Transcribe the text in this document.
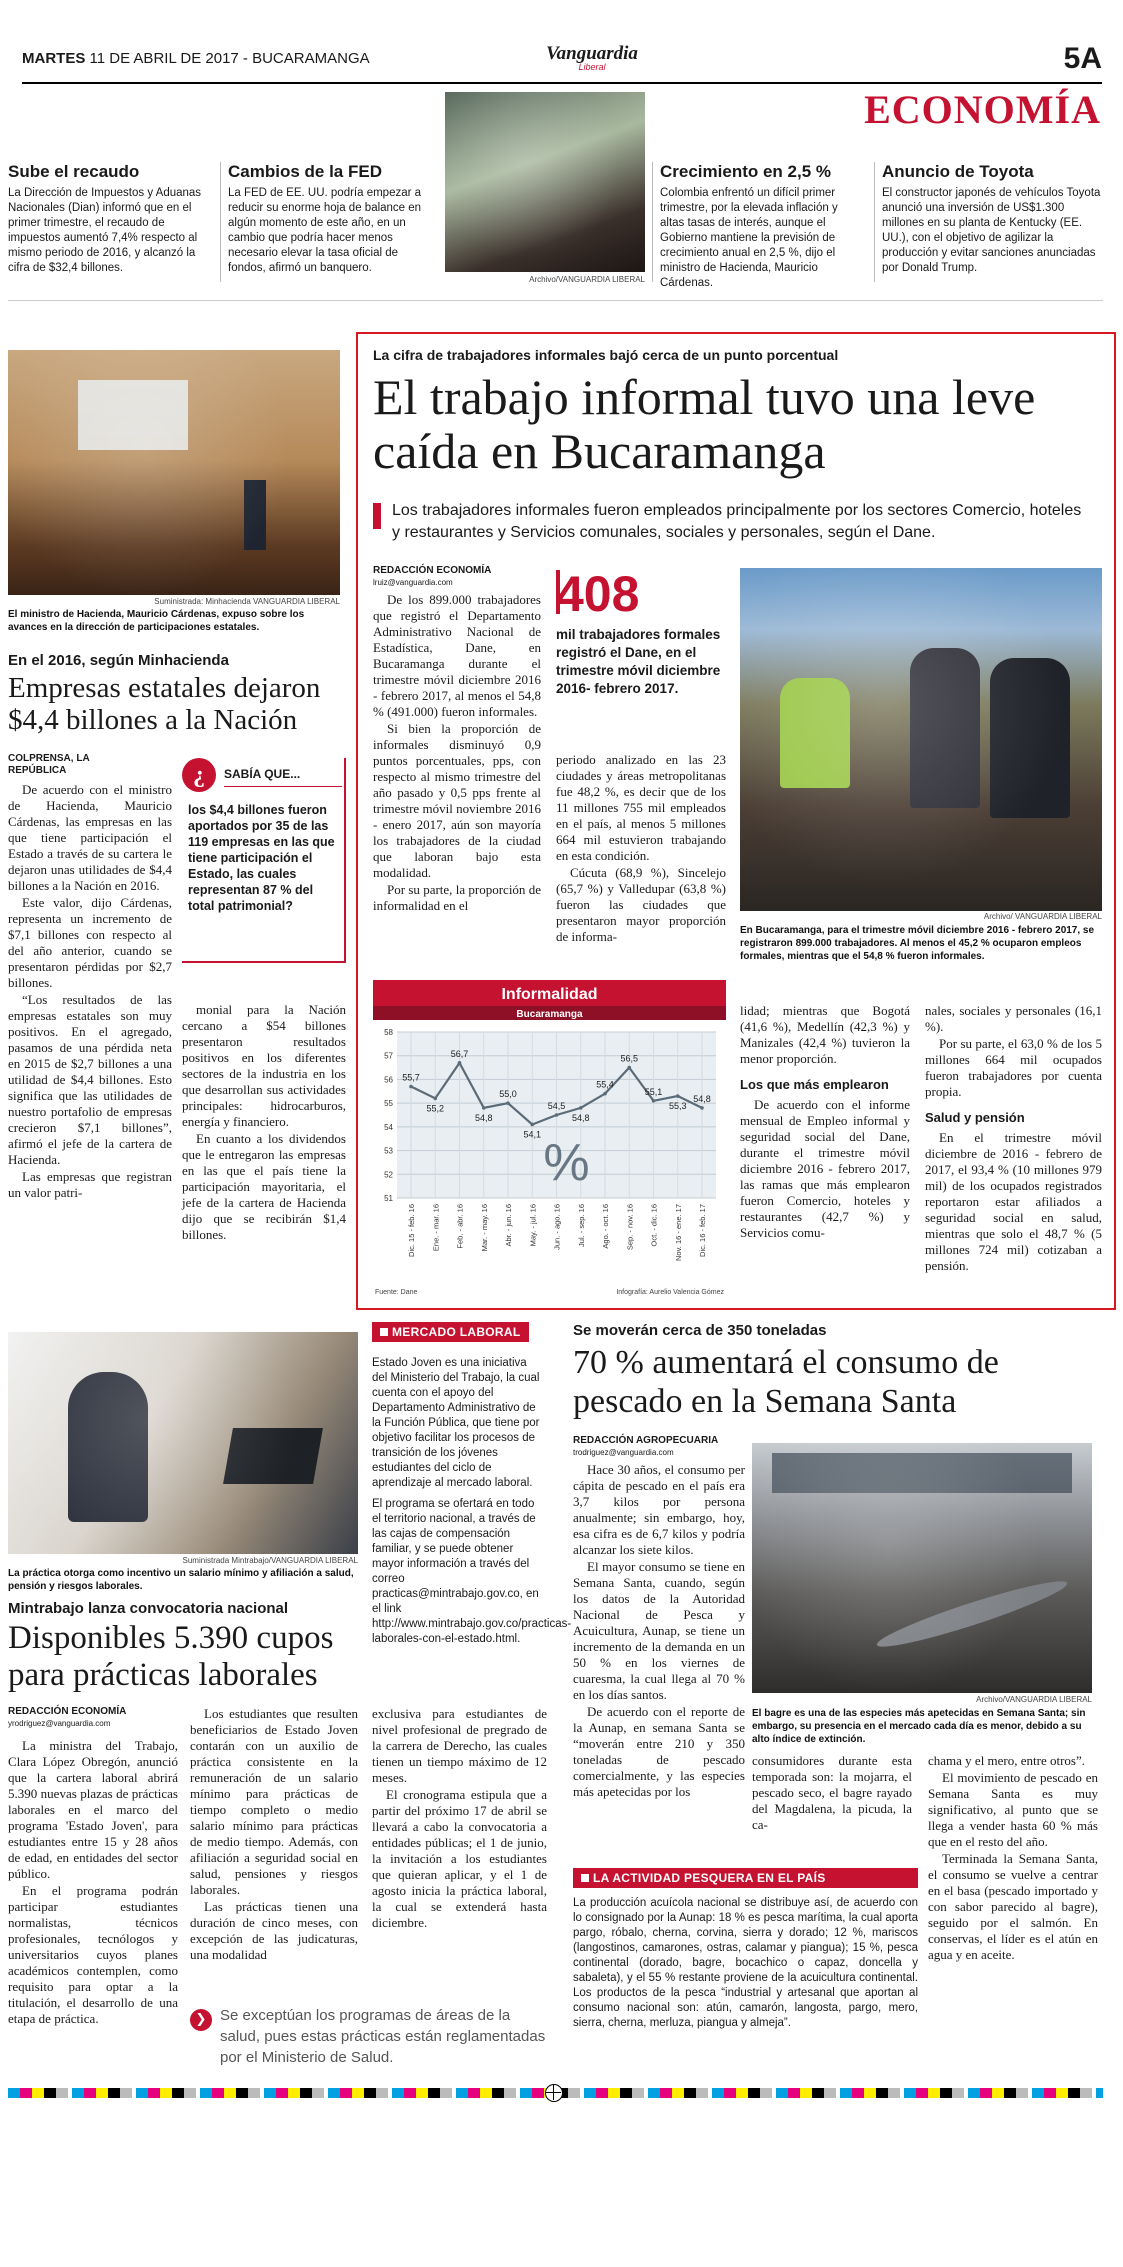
MARTES 11 DE ABRIL DE 2017 - BUCARAMANGA	Vanguardia
Liberal	5A
ECONOMÍA
Archivo/VANGUARDIA LIBERAL
Sube el recaudo
La Dirección de Impuestos y Aduanas Nacionales (Dian) informó que en el primer trimestre, el recaudo de impuestos aumentó 7,4% respecto al mismo periodo de 2016, y alcanzó la cifra de $32,4 billones.
Cambios de la FED
La FED de EE. UU. podría empezar a reducir su enorme hoja de balance en algún momento de este año, en un cambio que podría hacer menos necesario elevar la tasa oficial de fondos, afirmó un banquero.
Crecimiento en 2,5 %
Colombia enfrentó un difícil primer trimestre, por la elevada inflación y altas tasas de interés, aunque el Gobierno mantiene la previsión de crecimiento anual en 2,5 %, dijo el ministro de Hacienda, Mauricio Cárdenas.
Anuncio de Toyota
El constructor japonés de vehículos Toyota anunció una inversión de US$1.300 millones en su planta de Kentucky (EE. UU.), con el objetivo de agilizar la producción y evitar sanciones anunciadas por Donald Trump.
Suministrada: Minhacienda VANGUARDIA LIBERAL
El ministro de Hacienda, Mauricio Cárdenas, expuso sobre los avances en la dirección de participaciones estatales.
En el 2016, según Minhacienda
Empresas estatales dejaron $4,4 billones a la Nación
COLPRENSA, LA REPÚBLICA

De acuerdo con el ministro de Hacienda, Mauricio Cárdenas, las empresas en las que tiene participación el Estado a través de su cartera le dejaron unas utilidades de $4,4 billones a la Nación en 2016.

Este valor, dijo Cárdenas, representa un incremento de $7,1 billones con respecto al del año anterior, cuando se presentaron pérdidas por $2,7 billones.

“Los resultados de las empresas estatales son muy positivos. En el agregado, pasamos de una pérdida neta en 2015 de $2,7 billones a una utilidad de $4,4 billones. Esto significa que las utilidades de nuestro portafolio de empresas crecieron $7,1 billones”, afirmó el jefe de la cartera de Hacienda.

Las empresas que registran un valor patri-

¿	SABÍA QUE...
los $4,4 billones fueron aportados por 35 de las 119 empresas en las que tiene participación el Estado, las cuales representan 87 % del total patrimonial?

monial para la Nación cercano a $54 billones presentaron resultados positivos en los diferentes sectores de la industria en los que desarrollan sus actividades principales: hidrocarburos, energía y financiero.

En cuanto a los dividendos que le entregaron las empresas en las que el país tiene la participación mayoritaria, el jefe de la cartera de Hacienda dijo que se recibirán $1,4 billones.

La cifra de trabajadores informales bajó cerca de un punto porcentual
El trabajo informal tuvo una leve caída en Bucaramanga
Los trabajadores informales fueron empleados principalmente por los sectores Comercio, hoteles y restaurantes y Servicios comunales, sociales y personales, según el Dane.
REDACCIÓN ECONOMÍA
lruiz@vanguardia.com

De los 899.000 trabajadores que registró el Departamento Administrativo Nacional de Estadística, Dane, en Bucaramanga durante el trimestre móvil diciembre 2016 - febrero 2017, al menos el 54,8 % (491.000) fueron informales.

Si bien la proporción de informales disminuyó 0,9 puntos porcentuales, pps, con respecto al mismo trimestre del año pasado y 0,5 pps frente al trimestre móvil noviembre 2016 - enero 2017, aún son mayoría los trabajadores de la ciudad que laboran bajo esta modalidad.

Por su parte, la proporción de informalidad en el

408
mil trabajadores formales registró el Dane, en el trimestre móvil diciembre 2016- febrero 2017.

periodo analizado en las 23 ciudades y áreas metropolitanas fue 48,2 %, es decir que de los 11 millones 755 mil empleados en el país, al menos 5 millones 664 mil estuvieron trabajando en esta condición.

Cúcuta (68,9 %), Sincelejo (65,7 %) y Valledupar (63,8 %) fueron las ciudades que presentaron mayor proporción de informa-

Archivo/ VANGUARDIA LIBERAL
En Bucaramanga, para el trimestre móvil diciembre 2016 - febrero 2017, se registraron 899.000 trabajadores. Al menos el 45,2 % ocuparon empleos formales, mientras que el 54,8 % fueron informales.
Informalidad
Bucaramanga
58
57
56
55
54
53
52
51
Dic. 15 - feb. 16 Ene. - mar. 16 Feb. - abr. 16 Mar. - may. 16 Abr. - jun. 16 May. - jul. 16 Jun. - ago. 16 Jul. - sep. 16 Ago. - oct. 16 Sep. - nov. 16 Oct. - dic. 16 Nov. 16 - ene. 17 Dic. 16 - feb. 17
%
55,7
55,2
56,7
54,8
55,0
54,1
54,5
54,8
55,4
56,5
55,1
55,3
54,8
Fuente: Dane	Infografía: Aurelio Valencia Gómez

lidad; mientras que Bogotá (41,6 %), Medellín (42,3 %) y Manizales (42,4 %) tuvieron la menor proporción.

Los que más emplearon

De acuerdo con el informe mensual de Empleo informal y seguridad social del Dane, durante el trimestre móvil diciembre 2016 - febrero 2017, las ramas que más emplearon fueron Comercio, hoteles y restaurantes (42,7 %) y Servicios comu-

nales, sociales y personales (16,1 %).

Por su parte, el 63,0 % de los 5 millones 664 mil ocupados fueron trabajadores por cuenta propia.

Salud y pensión

En el trimestre móvil diciembre de 2016 - febrero de 2017, el 93,4 % (10 millones 979 mil) de los ocupados registrados reportaron estar afiliados a seguridad social en salud, mientras que solo el 48,7 % (5 millones 724 mil) cotizaban a pensión.

Suministrada Mintrabajo/VANGUARDIA LIBERAL
La práctica otorga como incentivo un salario mínimo y afiliación a salud, pensión y riesgos laborales.
Mintrabajo lanza convocatoria nacional
Disponibles 5.390 cupos para prácticas laborales
REDACCIÓN ECONOMÍA
yrodriguez@vanguardia.com

La ministra del Trabajo, Clara López Obregón, anunció que la cartera laboral abrirá 5.390 nuevas plazas de prácticas laborales en el marco del programa 'Estado Joven', para estudiantes entre 15 y 28 años de edad, en entidades del sector público.

En el programa podrán participar estudiantes normalistas, técnicos profesionales, tecnólogos y universitarios cuyos planes académicos contemplen, como requisito para optar a la titulación, el desarrollo de una etapa de práctica.

Los estudiantes que resulten beneficiarios de Estado Joven contarán con un auxilio de práctica consistente en la remuneración de un salario mínimo para prácticas de tiempo completo o medio salario mínimo para prácticas de medio tiempo. Además, con afiliación a seguridad social en salud, pensiones y riesgos laborales.

Las prácticas tienen una duración de cinco meses, con excepción de las judicaturas, una modalidad

MERCADO LABORAL

Estado Joven es una iniciativa del Ministerio del Trabajo, la cual cuenta con el apoyo del Departamento Administrativo de la Función Pública, que tiene por objetivo facilitar los procesos de transición de los jóvenes estudiantes del ciclo de aprendizaje al mercado laboral.

El programa se ofertará en todo el territorio nacional, a través de las cajas de compensación familiar, y se puede obtener mayor información a través del correo practicas@mintrabajo.gov.co, en el link http://www.mintrabajo.gov.co/practicas-laborales-con-el-estado.html.

exclusiva para estudiantes de nivel profesional de pregrado de la carrera de Derecho, las cuales tienen un tiempo máximo de 12 meses.

El cronograma estipula que a partir del próximo 17 de abril se llevará a cabo la convocatoria a entidades públicas; el 1 de junio, la invitación a los estudiantes que quieran aplicar, y el 1 de agosto inicia la práctica laboral, la cual se extenderá hasta diciembre.

❯ Se exceptúan los programas de áreas de la salud, pues estas prácticas están reglamentadas por el Ministerio de Salud.
Se moverán cerca de 350 toneladas
70 % aumentará el consumo de pescado en la Semana Santa
REDACCIÓN AGROPECUARIA
trodriguez@vanguardia.com

Hace 30 años, el consumo per cápita de pescado en el país era 3,7 kilos por persona anualmente; sin embargo, hoy, esa cifra es de 6,7 kilos y podría alcanzar los siete kilos.

El mayor consumo se tiene en Semana Santa, cuando, según los datos de la Autoridad Nacional de Pesca y Acuicultura, Aunap, se tiene un incremento de la demanda en un 50 % en los viernes de cuaresma, la cual llega al 70 % en los días santos.

De acuerdo con el reporte de la Aunap, en semana Santa se “moverán entre 210 y 350 toneladas de pescado comercialmente, y las especies más apetecidas por los

Archivo/VANGUARDIA LIBERAL
El bagre es una de las especies más apetecidas en Semana Santa; sin embargo, su presencia en el mercado cada día es menor, debido a su alto índice de extinción.

consumidores durante esta temporada son: la mojarra, el pescado seco, el bagre rayado del Magdalena, la picuda, la ca-

chama y el mero, entre otros”.

El movimiento de pescado en Semana Santa es muy significativo, al punto que se llega a vender hasta 60 % más que en el resto del año.

Terminada la Semana Santa, el consumo se vuelve a centrar en el basa (pescado importado y con sabor parecido al bagre), seguido por el salmón. En conservas, el líder es el atún en agua y en aceite.

LA ACTIVIDAD PESQUERA EN EL PAÍS
La producción acuícola nacional se distribuye así, de acuerdo con lo consignado por la Aunap: 18 % es pesca marítima, la cual aporta pargo, róbalo, cherna, corvina, sierra y dorado; 12 %, mariscos (langostinos, camarones, ostras, calamar y piangua); 15 %, pesca continental (dorado, bagre, bocachico o capaz, doncella y sabaleta), y el 55 % restante proviene de la acuicultura continental. Los productos de la pesca “industrial y artesanal que aportan al consumo nacional son: atún, camarón, langosta, pargo, mero, sierra, cherna, merluza, piangua y almeja”.
